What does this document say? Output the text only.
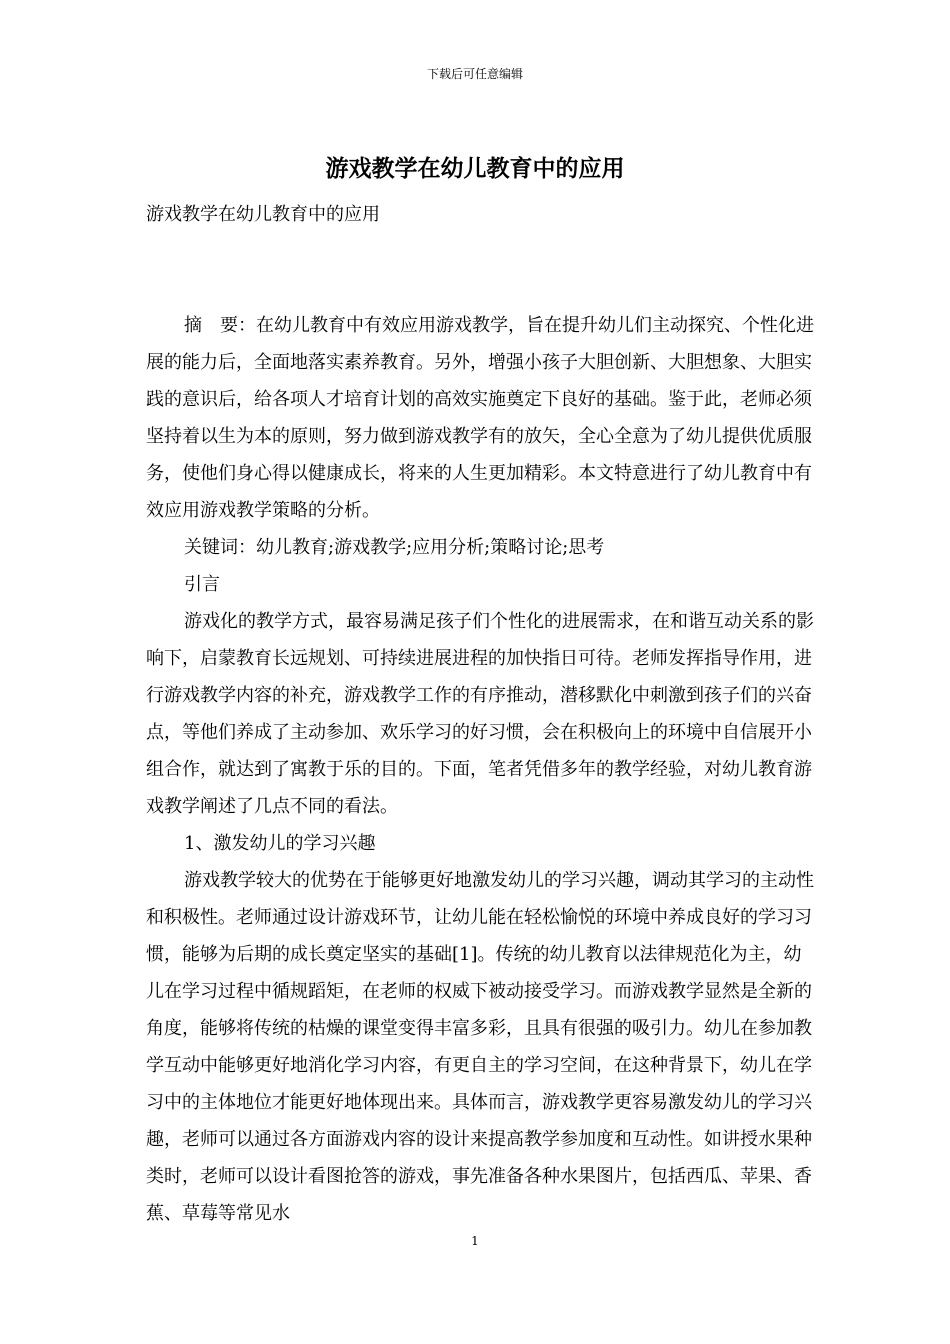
下载后可任意编辑
游戏教学在幼儿教育中的应用

游戏教学在幼儿教育中的应用

摘　要：在幼儿教育中有效应用游戏教学，旨在提升幼儿们主动探究、个性化进展的能力后，全面地落实素养教育。另外，增强小孩子大胆创新、大胆想象、大胆实践的意识后，给各项人才培育计划的高效实施奠定下良好的基础。鉴于此，老师必须坚持着以生为本的原则，努力做到游戏教学有的放矢，全心全意为了幼儿提供优质服务，使他们身心得以健康成长，将来的人生更加精彩。本文特意进行了幼儿教育中有效应用游戏教学策略的分析。

关键词：幼儿教育;游戏教学;应用分析;策略讨论;思考

引言

游戏化的教学方式，最容易满足孩子们个性化的进展需求，在和谐互动关系的影响下，启蒙教育长远规划、可持续进展进程的加快指日可待。老师发挥指导作用，进行游戏教学内容的补充，游戏教学工作的有序推动，潜移默化中刺激到孩子们的兴奋点，等他们养成了主动参加、欢乐学习的好习惯，会在积极向上的环境中自信展开小组合作，就达到了寓教于乐的目的。下面，笔者凭借多年的教学经验，对幼儿教育游戏教学阐述了几点不同的看法。

1、激发幼儿的学习兴趣

游戏教学较大的优势在于能够更好地激发幼儿的学习兴趣，调动其学习的主动性和积极性。老师通过设计游戏环节，让幼儿能在轻松愉悦的环境中养成良好的学习习惯，能够为后期的成长奠定坚实的基础[1]。传统的幼儿教育以法律规范化为主，幼儿在学习过程中循规蹈矩，在老师的权威下被动接受学习。而游戏教学显然是全新的角度，能够将传统的枯燥的课堂变得丰富多彩，且具有很强的吸引力。幼儿在参加教学互动中能够更好地消化学习内容，有更自主的学习空间，在这种背景下，幼儿在学习中的主体地位才能更好地体现出来。具体而言，游戏教学更容易激发幼儿的学习兴趣，老师可以通过各方面游戏内容的设计来提高教学参加度和互动性。如讲授水果种类时，老师可以设计看图抢答的游戏，事先准备各种水果图片，包括西瓜、苹果、香蕉、草莓等常见水

1
